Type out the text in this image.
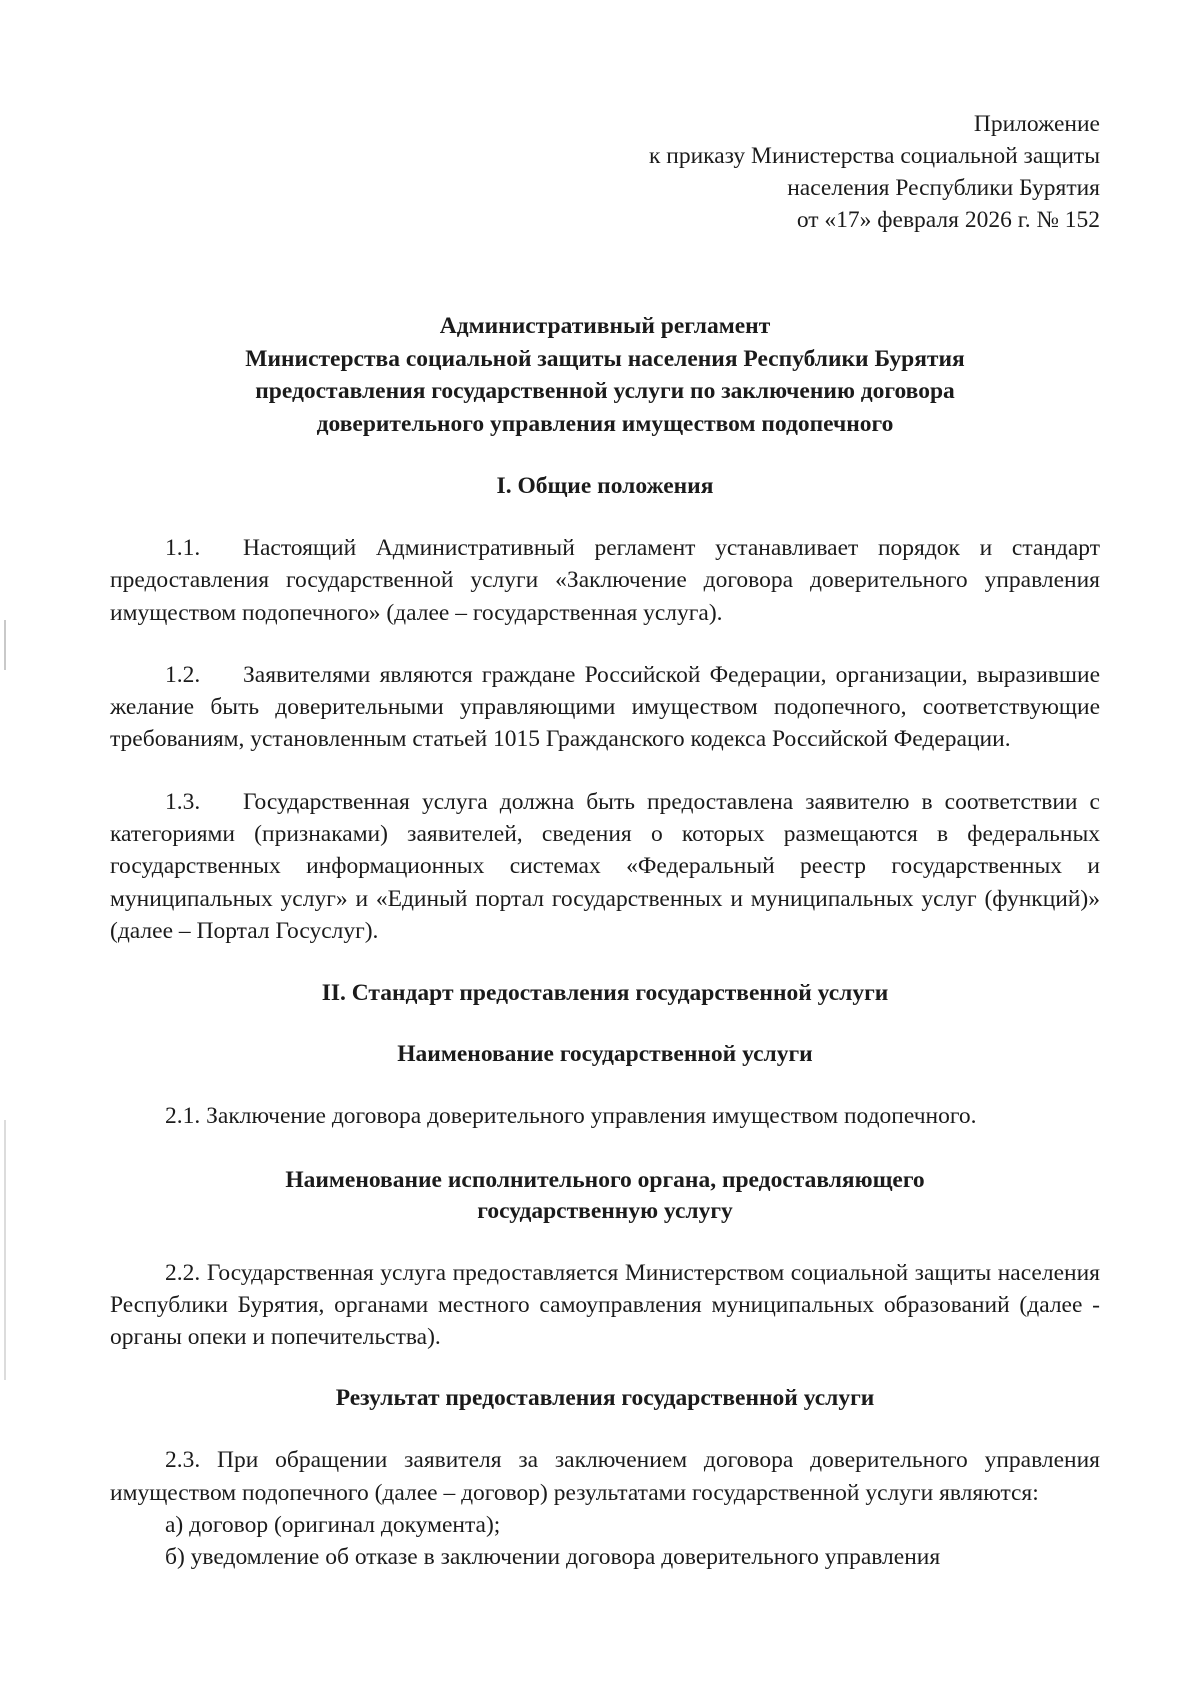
Приложение
к приказу Министерства социальной защиты
населения Республики Бурятия
от «17» февраля 2026 г. № 152
Административный регламент
Министерства социальной защиты населения Республики Бурятия
предоставления государственной услуги по заключению договора
доверительного управления имуществом подопечного
I. Общие положения
1.1. Настоящий Административный регламент устанавливает порядок и стандарт предоставления государственной услуги «Заключение договора доверительного управления имуществом подопечного» (далее – государственная услуга).
1.2. Заявителями являются граждане Российской Федерации, организации, выразившие желание быть доверительными управляющими имуществом подопечного, соответствующие требованиям, установленным статьей 1015 Гражданского кодекса Российской Федерации.
1.3. Государственная услуга должна быть предоставлена заявителю в соответствии с категориями (признаками) заявителей, сведения о которых размещаются в федеральных государственных информационных системах «Федеральный реестр государственных и муниципальных услуг» и «Единый портал государственных и муниципальных услуг (функций)» (далее – Портал Госуслуг).
II. Стандарт предоставления государственной услуги
Наименование государственной услуги
2.1. Заключение договора доверительного управления имуществом подопечного.
Наименование исполнительного органа, предоставляющего
государственную услугу
2.2. Государственная услуга предоставляется Министерством социальной защиты населения Республики Бурятия, органами местного самоуправления муниципальных образований (далее - органы опеки и попечительства).
Результат предоставления государственной услуги
2.3. При обращении заявителя за заключением договора доверительного управления имуществом подопечного (далее – договор) результатами государственной услуги являются:
а) договор (оригинал документа);
б) уведомление об отказе в заключении договора доверительного управления
